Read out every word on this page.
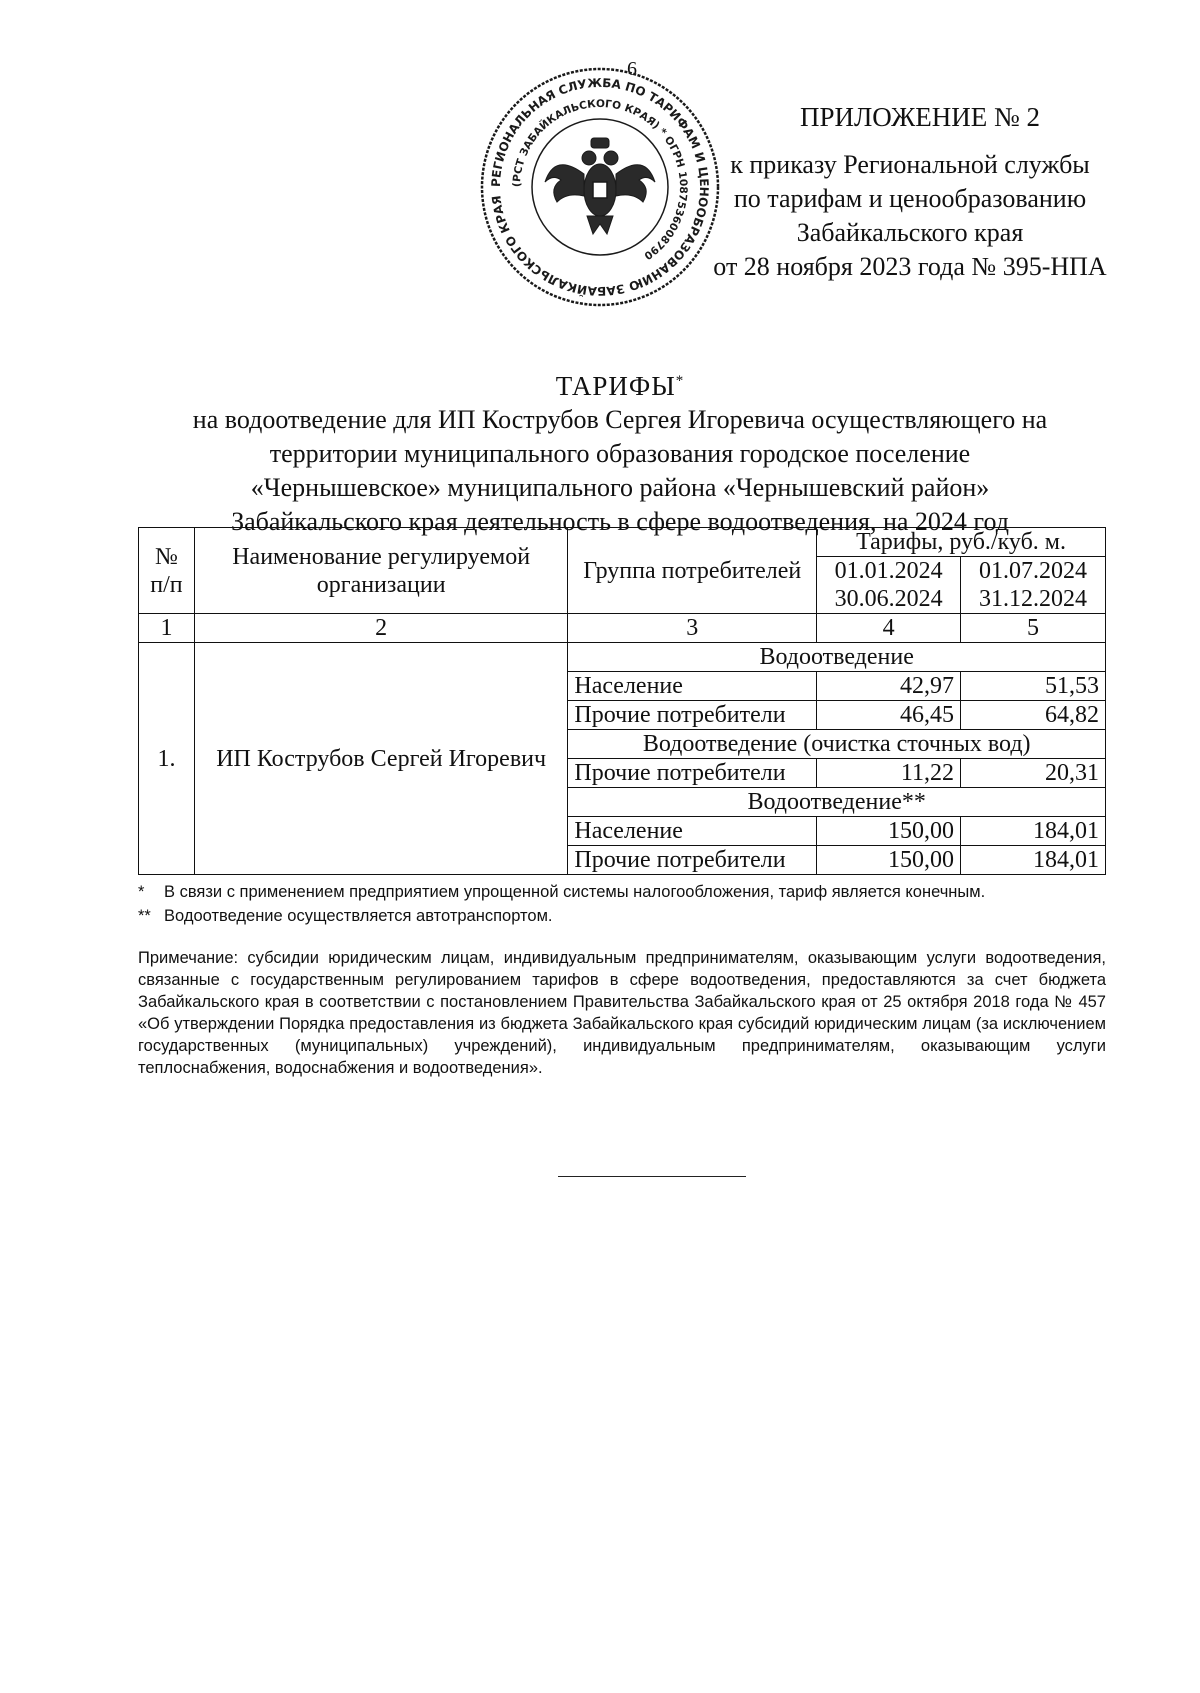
6
РЕГИОНАЛЬНАЯ СЛУЖБА ПО ТАРИФАМ И ЦЕНООБРАЗОВАНИЮ ЗАБАЙКАЛЬСКОГО КРАЯ
(РСТ ЗАБАЙКАЛЬСКОГО КРАЯ) * ОГРН 1087536008790
ПРИЛОЖЕНИЕ № 2
к приказу Региональной службы
по тарифам и ценообразованию
Забайкальского края
от 28 ноября 2023 года № 395-НПА
ТАРИФЫ*
на водоотведение для ИП Кострубов Сергея Игоревича осуществляющего на
территории муниципального образования городское поселение
«Чернышевское» муниципального района «Чернышевский район»
Забайкальского края деятельность в сфере водоотведения, на 2024 год
№ п/п	Наименование регулируемой организации	Группа потребителей	Тарифы, руб./куб. м.	
			01.01.2024	01.07.2024
			30.06.2024	31.12.2024
1	2	3	4	5
1.	ИП Кострубов Сергей Игоревич	Водоотведение		
		Население	42,97	51,53
		Прочие потребители	46,45	64,82
		Водоотведение (очистка сточных вод)		
		Прочие потребители	11,22	20,31
		Водоотведение**		
		Население	150,00	184,01
		Прочие потребители	150,00	184,01
* В связи с применением предприятием упрощенной системы налогообложения, тариф является конечным.
** Водоотведение осуществляется автотранспортом.
Примечание: субсидии юридическим лицам, индивидуальным предпринимателям, оказывающим услуги водоотведения, связанные с государственным регулированием тарифов в сфере водоотведения, предоставляются за счет бюджета Забайкальского края в соответствии с постановлением Правительства Забайкальского края от 25 октября 2018 года № 457 «Об утверждении Порядка предоставления из бюджета Забайкальского края субсидий юридическим лицам (за исключением государственных (муниципальных) учреждений), индивидуальным предпринимателям, оказывающим услуги теплоснабжения, водоснабжения и водоотведения».
